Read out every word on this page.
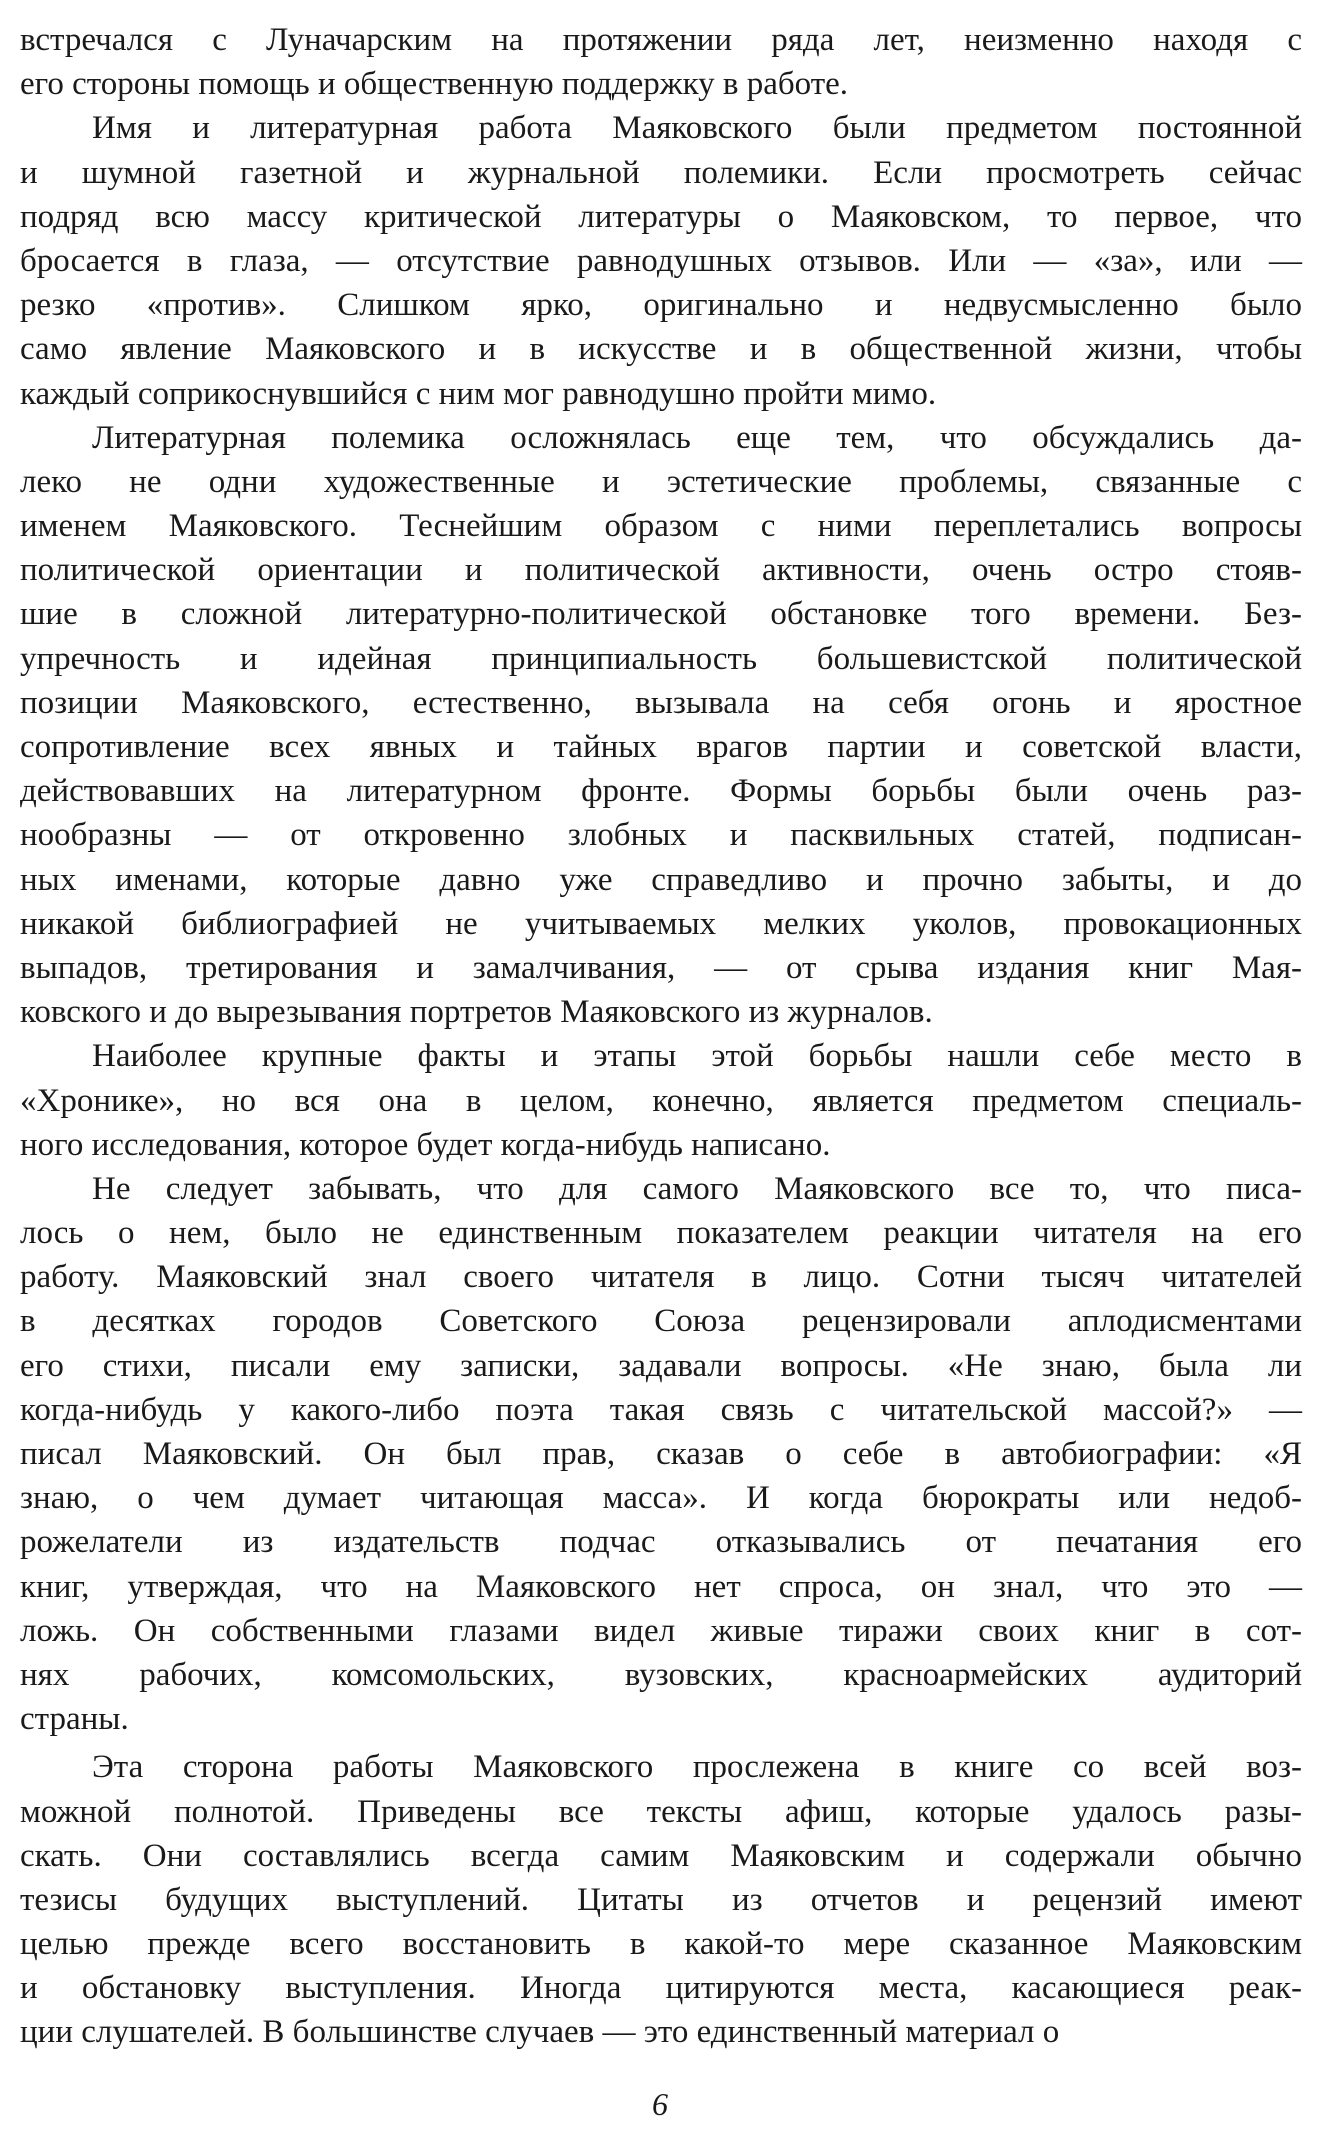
встречался с Луначарским на протяжении ряда лет, неизменно находя с
его стороны помощь и общественную поддержку в работе.
Имя и литературная работа Маяковского были предметом постоянной
и шумной газетной и журнальной полемики. Если просмотреть сейчас
подряд всю массу критической литературы о Маяковском, то первое, что
бросается в глаза, — отсутствие равнодушных отзывов. Или — «за», или —
резко «против». Слишком ярко, оригинально и недвусмысленно было
само явление Маяковского и в искусстве и в общественной жизни, чтобы
каждый соприкоснувшийся с ним мог равнодушно пройти мимо.
Литературная полемика осложнялась еще тем, что обсуждались да-
леко не одни художественные и эстетические проблемы, связанные с
именем Маяковского. Теснейшим образом с ними переплетались вопросы
политической ориентации и политической активности, очень остро стояв-
шие в сложной литературно-политической обстановке того времени. Без-
упречность и идейная принципиальность большевистской политической
позиции Маяковского, естественно, вызывала на себя огонь и яростное
сопротивление всех явных и тайных врагов партии и советской власти,
действовавших на литературном фронте. Формы борьбы были очень раз-
нообразны — от откровенно злобных и пасквильных статей, подписан-
ных именами, которые давно уже справедливо и прочно забыты, и до
никакой библиографией не учитываемых мелких уколов, провокационных
выпадов, третирования и замалчивания, — от срыва издания книг Мая-
ковского и до вырезывания портретов Маяковского из журналов.
Наиболее крупные факты и этапы этой борьбы нашли себе место в
«Хронике», но вся она в целом, конечно, является предметом специаль-
ного исследования, которое будет когда-нибудь написано.
Не следует забывать, что для самого Маяковского все то, что писа-
лось о нем, было не единственным показателем реакции читателя на его
работу. Маяковский знал своего читателя в лицо. Сотни тысяч читателей
в десятках городов Советского Союза рецензировали аплодисментами
его стихи, писали ему записки, задавали вопросы. «Не знаю, была ли
когда-нибудь у какого-либо поэта такая связь с читательской массой?» —
писал Маяковский. Он был прав, сказав о себе в автобиографии: «Я
знаю, о чем думает читающая масса». И когда бюрократы или недоб-
рожелатели из издательств подчас отказывались от печатания его
книг, утверждая, что на Маяковского нет спроса, он знал, что это —
ложь. Он собственными глазами видел живые тиражи своих книг в сот-
нях рабочих, комсомольских, вузовских, красноармейских аудиторий
страны.
Эта сторона работы Маяковского прослежена в книге со всей воз-
можной полнотой. Приведены все тексты афиш, которые удалось разы-
скать. Они составлялись всегда самим Маяковским и содержали обычно
тезисы будущих выступлений. Цитаты из отчетов и рецензий имеют
целью прежде всего восстановить в какой-то мере сказанное Маяковским
и обстановку выступления. Иногда цитируются места, касающиеся реак-
ции слушателей. В большинстве случаев — это единственный материал о
6
